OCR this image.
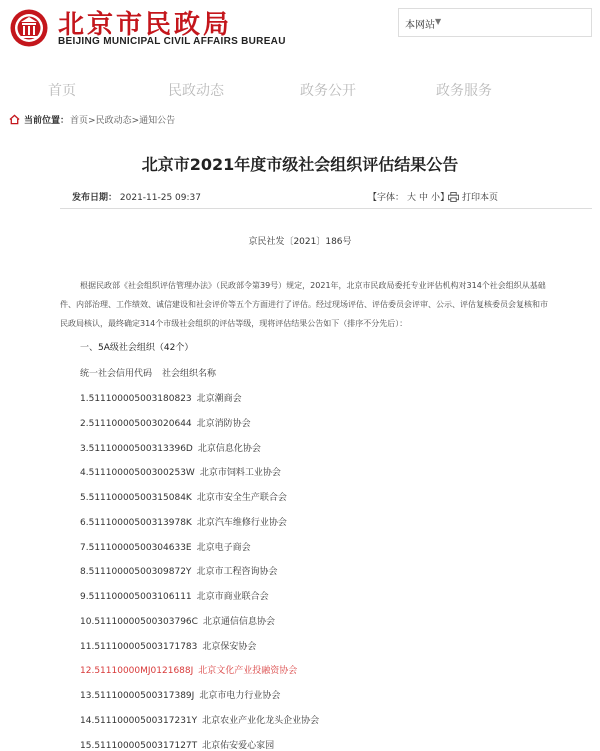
北京市民政局
BEIJING MUNICIPAL CIVIL AFFAIRS BUREAU
本网站 ▼
首页	民政动态	政务公开	政务服务
当前位置： 首页>民政动态>通知公告
北京市2021年度市级社会组织评估结果公告
发布日期： 2021-11-25 09:37	【字体： 大 中 小】	打印本页
京民社发〔2021〕186号
根据民政部《社会组织评估管理办法》（民政部令第39号）规定，2021年，北京市民政局委托专业评估机构对314个社会组织从基础
件、内部治理、工作绩效、诚信建设和社会评价等五个方面进行了评估。经过现场评估、评估委员会评审、公示、评估复核委员会复核和市
民政局核认，最终确定314个市级社会组织的评估等级，现将评估结果公告如下（排序不分先后）：
一、5A级社会组织（42个）
统一社会信用代码 社会组织名称
1.511100005003180823 北京潮商会
2.511100005003020644 北京消防协会
3.51110000500313396D 北京信息化协会
4.51110000500300253W 北京市饲料工业协会
5.51110000500315084K 北京市安全生产联合会
6.51110000500313978K 北京汽车维修行业协会
7.51110000500304633E 北京电子商会
8.51110000500309872Y 北京市工程咨询协会
9.511100005003106111 北京市商业联合会
10.51110000500303796C 北京通信信息协会
11.511100005003171783 北京保安协会
12.51110000MJ0121688J 北京文化产业投融资协会
13.51110000500317389J 北京市电力行业协会
14.51110000500317231Y 北京农业产业化龙头企业协会
15.51110000500317127T 北京佑安爱心家园
